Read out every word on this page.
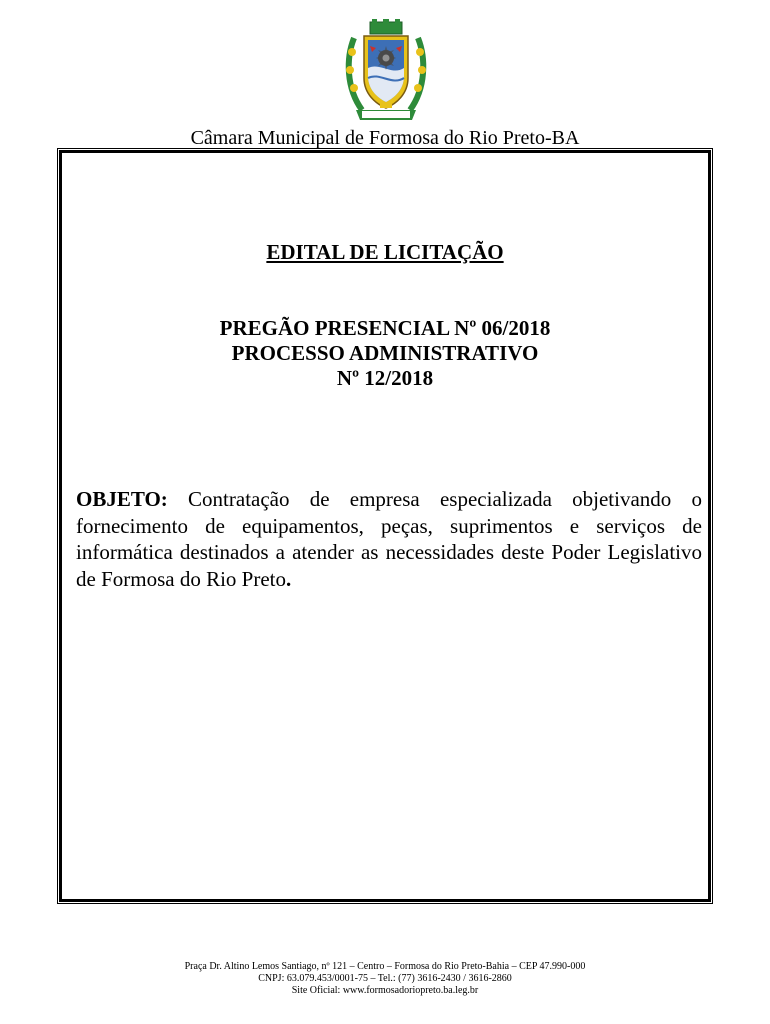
Câmara Municipal de Formosa do Rio Preto-BA
EDITAL DE LICITAÇÃO
PREGÃO PRESENCIAL Nº 06/2018
PROCESSO ADMINISTRATIVO
Nº 12/2018
OBJETO: Contratação de empresa especializada objetivando o fornecimento de equipamentos, peças, suprimentos e serviços de informática destinados a atender as necessidades deste Poder Legislativo de Formosa do Rio Preto.
Praça Dr. Altino Lemos Santiago, nº 121 – Centro – Formosa do Rio Preto-Bahia – CEP 47.990-000
CNPJ: 63.079.453/0001-75 – Tel.: (77) 3616-2430 / 3616-2860
Site Oficial: www.formosadoriopreto.ba.leg.br
